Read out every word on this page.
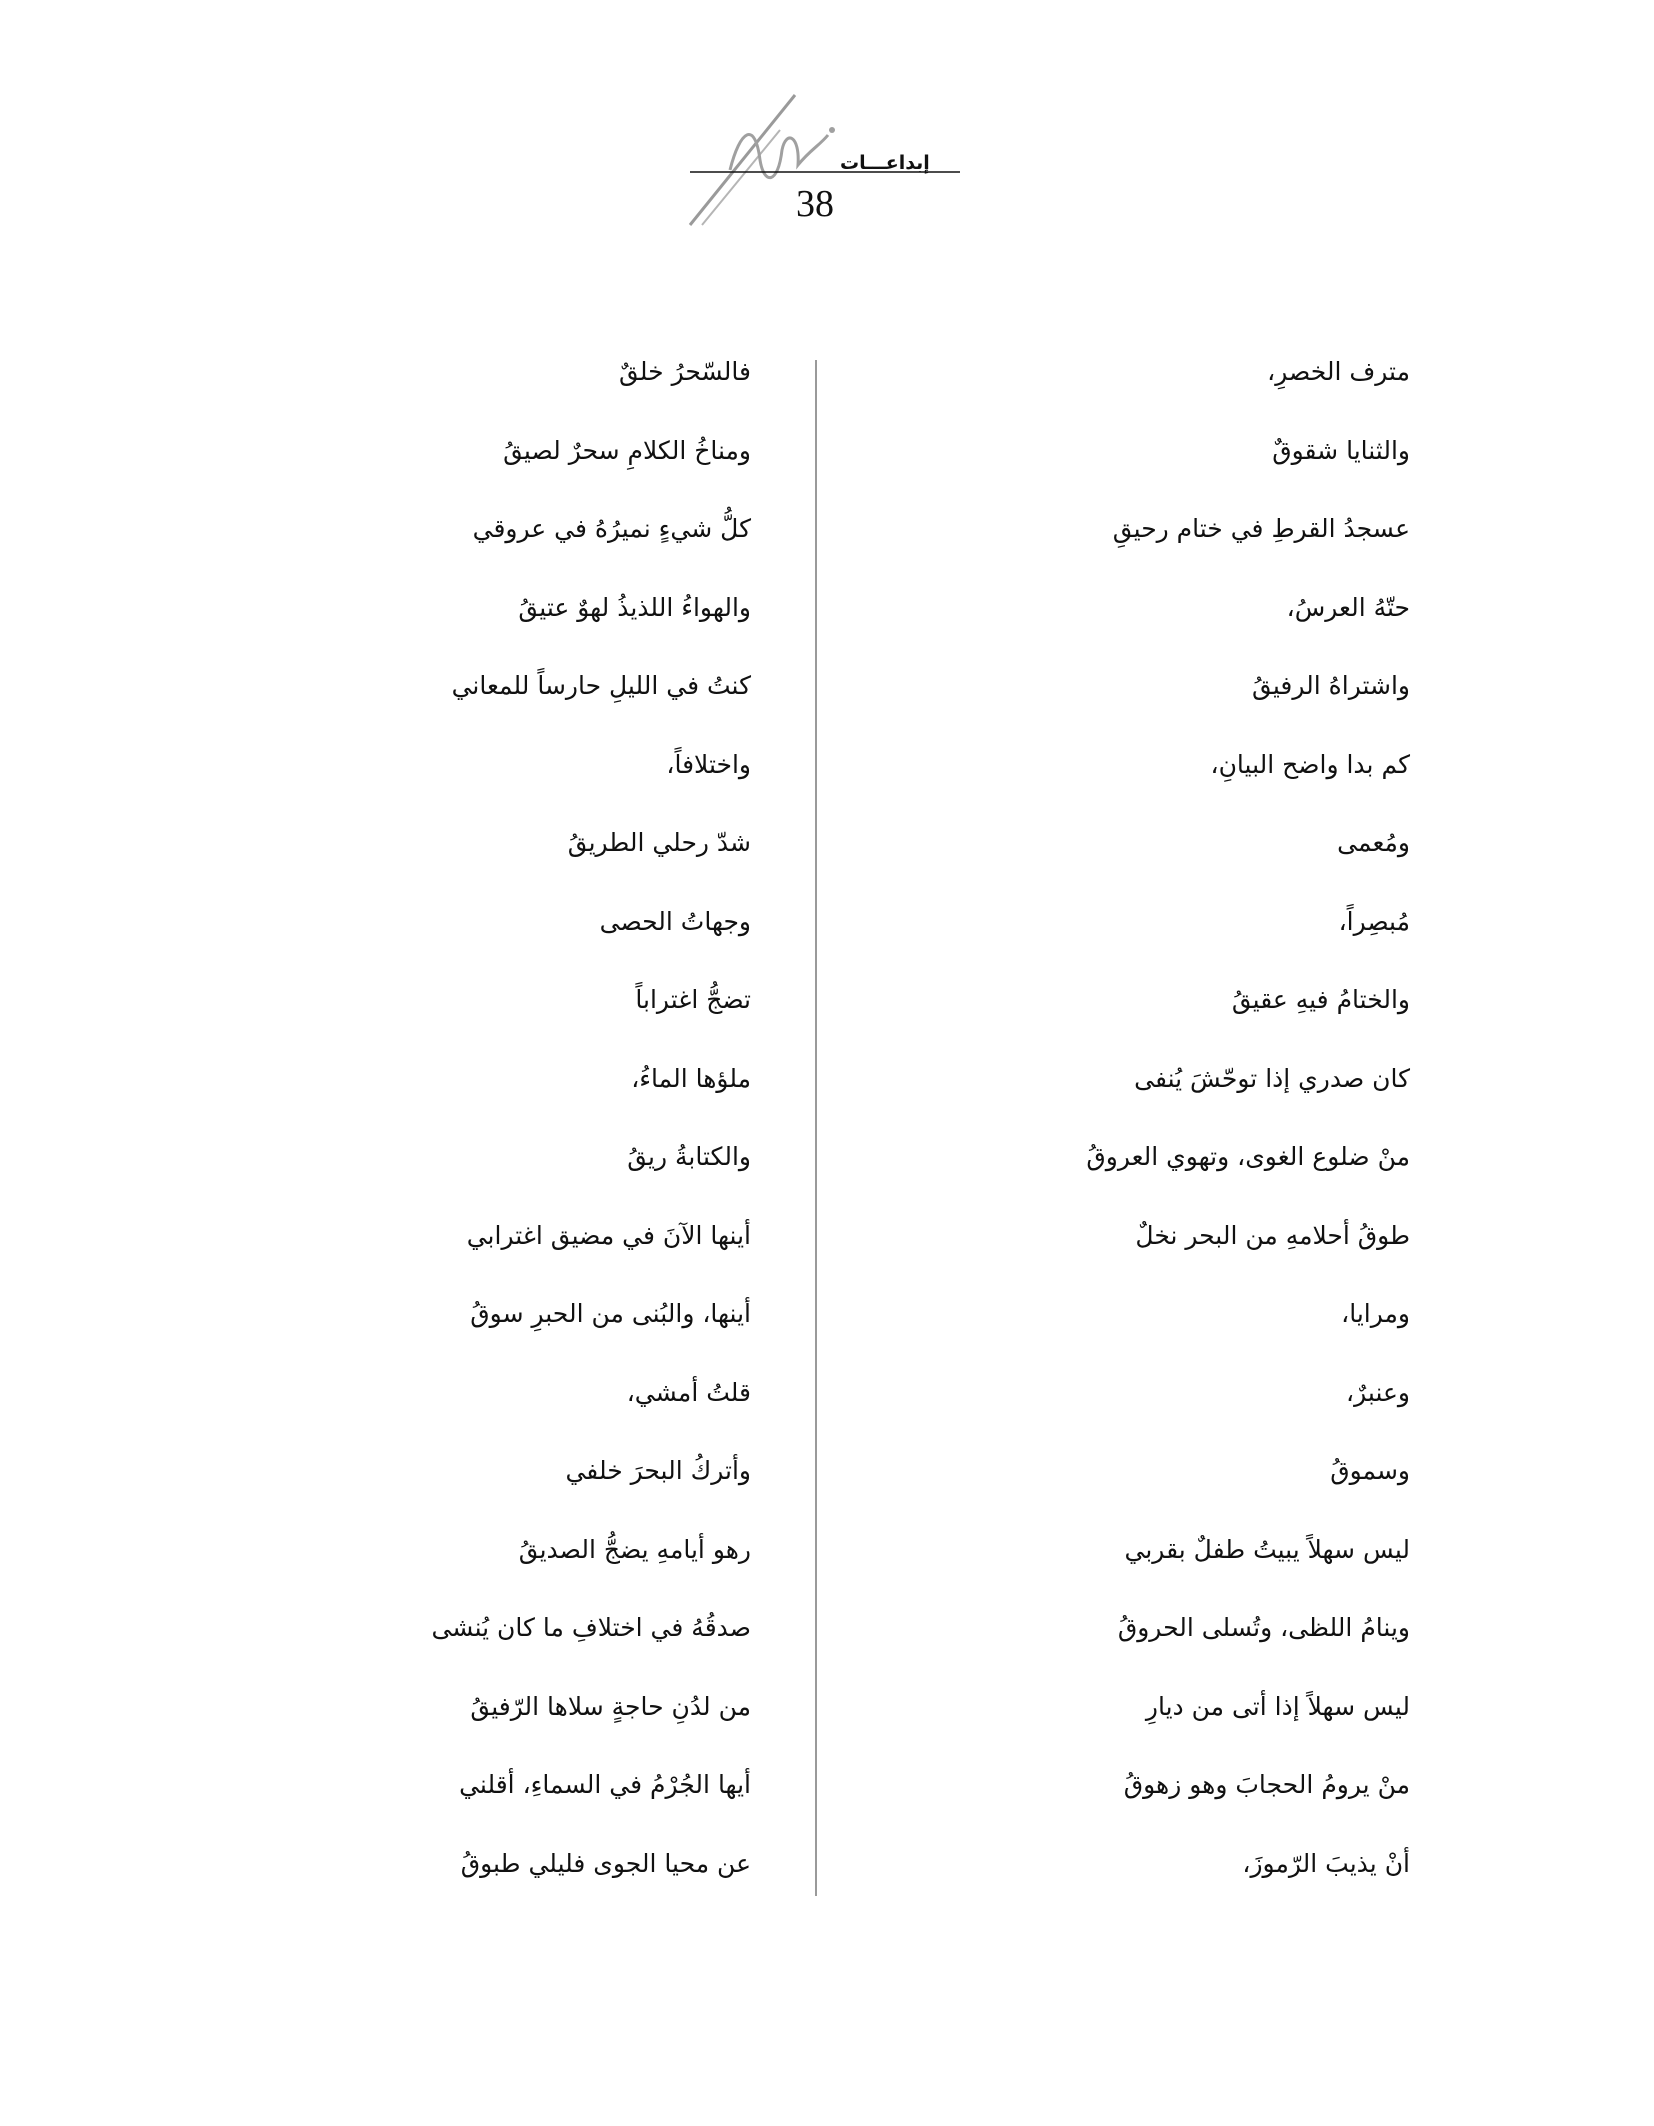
إبداعـــات
38
مترف الخصرِ،
والثنايا شقوقٌ
عسجدُ القرطِ في ختام رحيقِ
حتّهُ العرسُ،
واشتراهُ الرفيقُ
كم بدا واضح البيانِ،
ومُعمى
مُبصِراً،
والختامُ فيهِ عقيقُ
كان صدري إذا توحّشَ يُنفى
منْ ضلوع الغوى، وتهوي العروقُ
طوقُ أحلامهِ من البحر نخلٌ
ومرايا،
وعنبرٌ،
وسموقُ
ليس سهلاً يبيتُ طفلٌ بقربي
وينامُ اللظى، وتُسلى الحروقُ
ليس سهلاً إذا أتى من ديارِ
منْ يرومُ الحجابَ وهو زهوقُ
أنْ يذيبَ الرّموزَ،
فالسّحرُ خلقٌ
ومناخُ الكلامِ سحرٌ لصيقُ
كلُّ شيءٍ نميرُهُ في عروقي
والهواءُ اللذيذُ لهوٌ عتيقُ
كنتُ في الليلِ حارساً للمعاني
واختلافاً،
شدّ رحلي الطريقُ
وجهاتُ الحصى
تضجُّ اغتراباً
ملؤها الماءُ،
والكتابةُ ريقُ
أينها الآنَ في مضيق اغترابي
أينها، والبُنى من الحبرِ سوقُ
قلتُ أمشي،
وأتركُ البحرَ خلفي
رهو أيامهِ يضجُّ الصديقُ
صدقُهُ في اختلافِ ما كان يُنشى
من لدُنِ حاجةٍ سلاها الرّفيقُ
أيها الجُرْمُ في السماءِ، أقلني
عن محيا الجوى فليلي طبوقُ
